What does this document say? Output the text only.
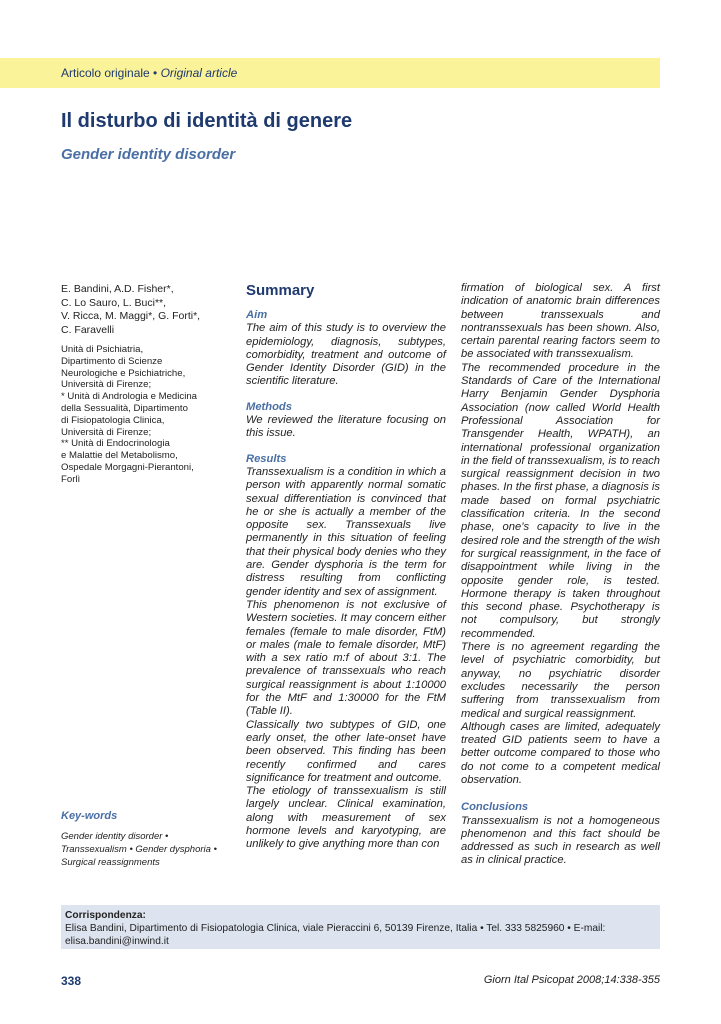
Articolo originale • Original article
Il disturbo di identità di genere
Gender identity disorder
E. Bandini, A.D. Fisher*,
C. Lo Sauro, L. Buci**,
V. Ricca, M. Maggi*, G. Forti*,
C. Faravelli
Unità di Psichiatria,
Dipartimento di Scienze
Neurologiche e Psichiatriche,
Università di Firenze;
* Unità di Andrologia e Medicina
della Sessualità, Dipartimento
di Fisiopatologia Clinica,
Università di Firenze;
** Unità di Endocrinologia
e Malattie del Metabolismo,
Ospedale Morgagni-Pierantoni,
Forlì
Key-words
Gender identity disorder • Transsexualism • Gender dysphoria • Surgical reassignments
Summary
Aim

The aim of this study is to overview the epidemiology, diagnosis, subtypes, comorbidity, treatment and outcome of Gender Identity Disorder (GID) in the scientific literature.

Methods

We reviewed the literature focusing on this issue.

Results

Transsexualism is a condition in which a person with apparently normal somatic sexual differentiation is convinced that he or she is actually a member of the opposite sex. Transsexuals live permanently in this situation of feeling that their physical body denies who they are. Gender dysphoria is the term for distress resulting from conflicting gender identity and sex of assignment.

This phenomenon is not exclusive of Western societies. It may concern either females (female to male disorder, FtM) or males (male to female disorder, MtF) with a sex ratio m:f of about 3:1. The prevalence of transsexuals who reach surgical reassignment is about 1:10000 for the MtF and 1:30000 for the FtM (Table II).

Classically two subtypes of GID, one early onset, the other late-onset have been observed. This finding has been recently confirmed and cares significance for treatment and outcome.

The etiology of transsexualism is still largely unclear. Clinical examination, along with measurement of sex hormone levels and karyotyping, are unlikely to give anything more than con

firmation of biological sex. A first indication of anatomic brain differences between transsexuals and nontranssexuals has been shown. Also, certain parental rearing factors seem to be associated with transsexualism.

The recommended procedure in the Standards of Care of the International Harry Benjamin Gender Dysphoria Association (now called World Health Professional Association for Transgender Health, WPATH), an international professional organization in the field of transsexualism, is to reach surgical reassignment decision in two phases. In the first phase, a diagnosis is made based on formal psychiatric classification criteria. In the second phase, one’s capacity to live in the desired role and the strength of the wish for surgical reassignment, in the face of disappointment while living in the opposite gender role, is tested. Hormone therapy is taken throughout this second phase. Psychotherapy is not compulsory, but strongly recommended.

There is no agreement regarding the level of psychiatric comorbidity, but anyway, no psychiatric disorder excludes necessarily the person suffering from transsexualism from medical and surgical reassignment.

Although cases are limited, adequately treated GID patients seem to have a better outcome compared to those who do not come to a competent medical observation.

Conclusions

Transsexualism is not a homogeneous phenomenon and this fact should be addressed as such in research as well as in clinical practice.

Corrispondenza:
Elisa Bandini, Dipartimento di Fisiopatologia Clinica, viale Pieraccini 6, 50139 Firenze, Italia • Tel. 333 5825960 • E-mail: elisa.bandini@inwind.it
338	Giorn Ital Psicopat 2008;14:338-355
